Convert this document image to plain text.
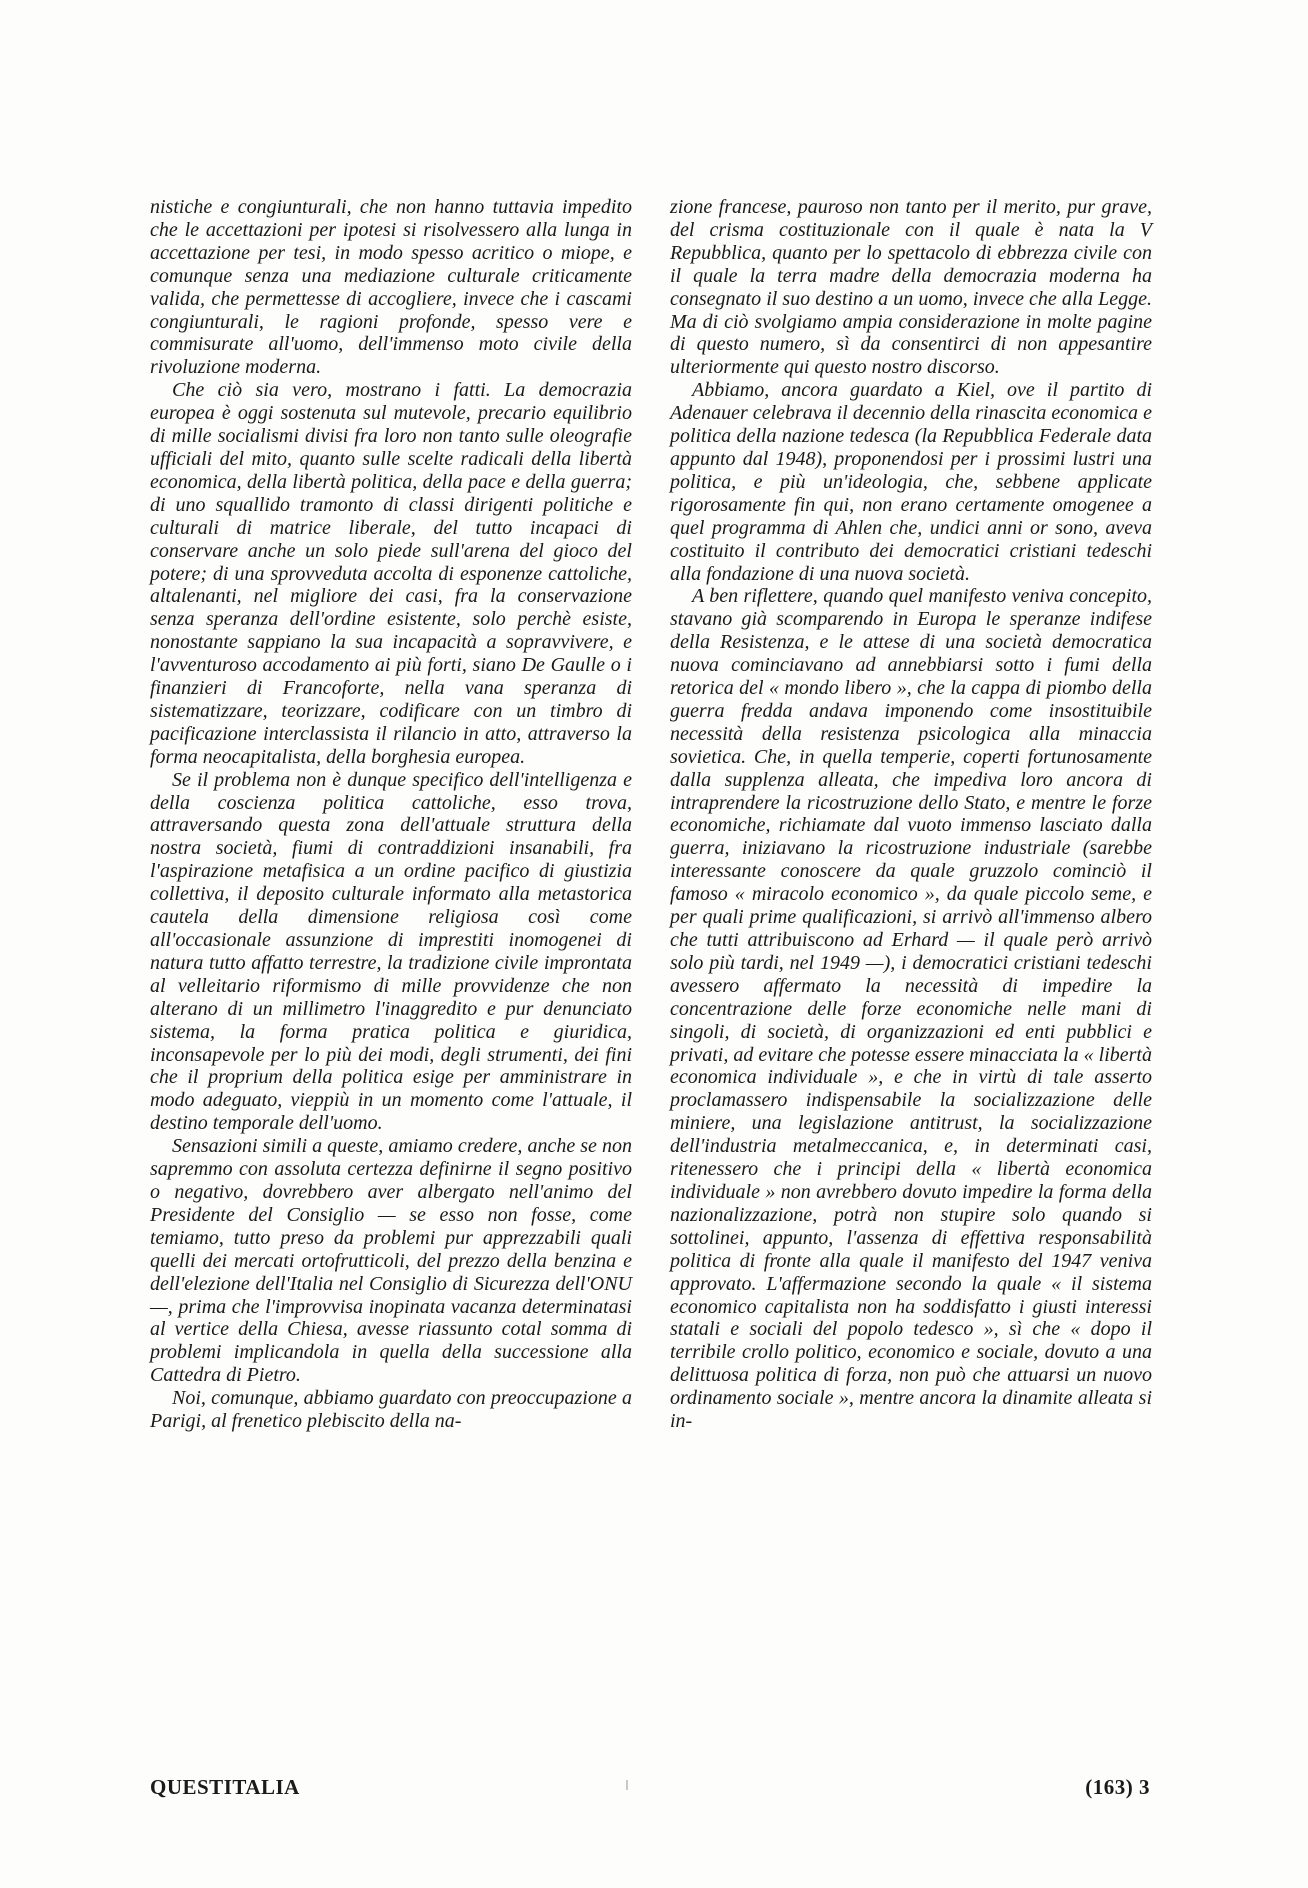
nistiche e congiunturali, che non hanno tuttavia impedito che le accettazioni per ipotesi si risolvessero alla lunga in accettazione per tesi, in modo spesso acritico o miope, e comunque senza una mediazione culturale criticamente valida, che permettesse di accogliere, invece che i cascami congiunturali, le ragioni profonde, spesso vere e commisurate all'uomo, dell'immenso moto civile della rivoluzione moderna.

Che ciò sia vero, mostrano i fatti. La democrazia europea è oggi sostenuta sul mutevole, precario equilibrio di mille socialismi divisi fra loro non tanto sulle oleografie ufficiali del mito, quanto sulle scelte radicali della libertà economica, della libertà politica, della pace e della guerra; di uno squallido tramonto di classi dirigenti politiche e culturali di matrice liberale, del tutto incapaci di conservare anche un solo piede sull'arena del gioco del potere; di una sprovveduta accolta di esponenze cattoliche, altalenanti, nel migliore dei casi, fra la conservazione senza speranza dell'ordine esistente, solo perchè esiste, nonostante sappiano la sua incapacità a sopravvivere, e l'avventuroso accodamento ai più forti, siano De Gaulle o i finanzieri di Francoforte, nella vana speranza di sistematizzare, teorizzare, codificare con un timbro di pacificazione interclassista il rilancio in atto, attraverso la forma neocapitalista, della borghesia europea.

Se il problema non è dunque specifico dell'intelligenza e della coscienza politica cattoliche, esso trova, attraversando questa zona dell'attuale struttura della nostra società, fiumi di contraddizioni insanabili, fra l'aspirazione metafisica a un ordine pacifico di giustizia collettiva, il deposito culturale informato alla metastorica cautela della dimensione religiosa così come all'occasionale assunzione di imprestiti inomogenei di natura tutto affatto terrestre, la tradizione civile improntata al velleitario riformismo di mille provvidenze che non alterano di un millimetro l'inaggredito e pur denunciato sistema, la forma pratica politica e giuridica, inconsapevole per lo più dei modi, degli strumenti, dei fini che il proprium della politica esige per amministrare in modo adeguato, vieppiù in un momento come l'attuale, il destino temporale dell'uomo.

Sensazioni simili a queste, amiamo credere, anche se non sapremmo con assoluta certezza definirne il segno positivo o negativo, dovrebbero aver albergato nell'animo del Presidente del Consiglio — se esso non fosse, come temiamo, tutto preso da problemi pur apprezzabili quali quelli dei mercati ortofrutticoli, del prezzo della benzina e dell'elezione dell'Italia nel Consiglio di Sicurezza dell'ONU —, prima che l'improvvisa inopinata vacanza determinatasi al vertice della Chiesa, avesse riassunto cotal somma di problemi implicandola in quella della successione alla Cattedra di Pietro.

Noi, comunque, abbiamo guardato con preoccupazione a Parigi, al frenetico plebiscito della na-

zione francese, pauroso non tanto per il merito, pur grave, del crisma costituzionale con il quale è nata la V Repubblica, quanto per lo spettacolo di ebbrezza civile con il quale la terra madre della democrazia moderna ha consegnato il suo destino a un uomo, invece che alla Legge. Ma di ciò svolgiamo ampia considerazione in molte pagine di questo numero, sì da consentirci di non appesantire ulteriormente qui questo nostro discorso.

Abbiamo, ancora guardato a Kiel, ove il partito di Adenauer celebrava il decennio della rinascita economica e politica della nazione tedesca (la Repubblica Federale data appunto dal 1948), proponendosi per i prossimi lustri una politica, e più un'ideologia, che, sebbene applicate rigorosamente fin qui, non erano certamente omogenee a quel programma di Ahlen che, undici anni or sono, aveva costituito il contributo dei democratici cristiani tedeschi alla fondazione di una nuova società.

A ben riflettere, quando quel manifesto veniva concepito, stavano già scomparendo in Europa le speranze indifese della Resistenza, e le attese di una società democratica nuova cominciavano ad annebbiarsi sotto i fumi della retorica del « mondo libero », che la cappa di piombo della guerra fredda andava imponendo come insostituibile necessità della resistenza psicologica alla minaccia sovietica. Che, in quella temperie, coperti fortunosamente dalla supplenza alleata, che impediva loro ancora di intraprendere la ricostruzione dello Stato, e mentre le forze economiche, richiamate dal vuoto immenso lasciato dalla guerra, iniziavano la ricostruzione industriale (sarebbe interessante conoscere da quale gruzzolo cominciò il famoso « miracolo economico », da quale piccolo seme, e per quali prime qualificazioni, si arrivò all'immenso albero che tutti attribuiscono ad Erhard — il quale però arrivò solo più tardi, nel 1949 —), i democratici cristiani tedeschi avessero affermato la necessità di impedire la concentrazione delle forze economiche nelle mani di singoli, di società, di organizzazioni ed enti pubblici e privati, ad evitare che potesse essere minacciata la « libertà economica individuale », e che in virtù di tale asserto proclamassero indispensabile la socializzazione delle miniere, una legislazione antitrust, la socializzazione dell'industria metalmeccanica, e, in determinati casi, ritenessero che i principi della « libertà economica individuale » non avrebbero dovuto impedire la forma della nazionalizzazione, potrà non stupire solo quando si sottolinei, appunto, l'assenza di effettiva responsabilità politica di fronte alla quale il manifesto del 1947 veniva approvato. L'affermazione secondo la quale « il sistema economico capitalista non ha soddisfatto i giusti interessi statali e sociali del popolo tedesco », sì che « dopo il terribile crollo politico, economico e sociale, dovuto a una delittuosa politica di forza, non può che attuarsi un nuovo ordinamento sociale », mentre ancora la dinamite alleata si in-

QUESTITALIA	(163) 3
